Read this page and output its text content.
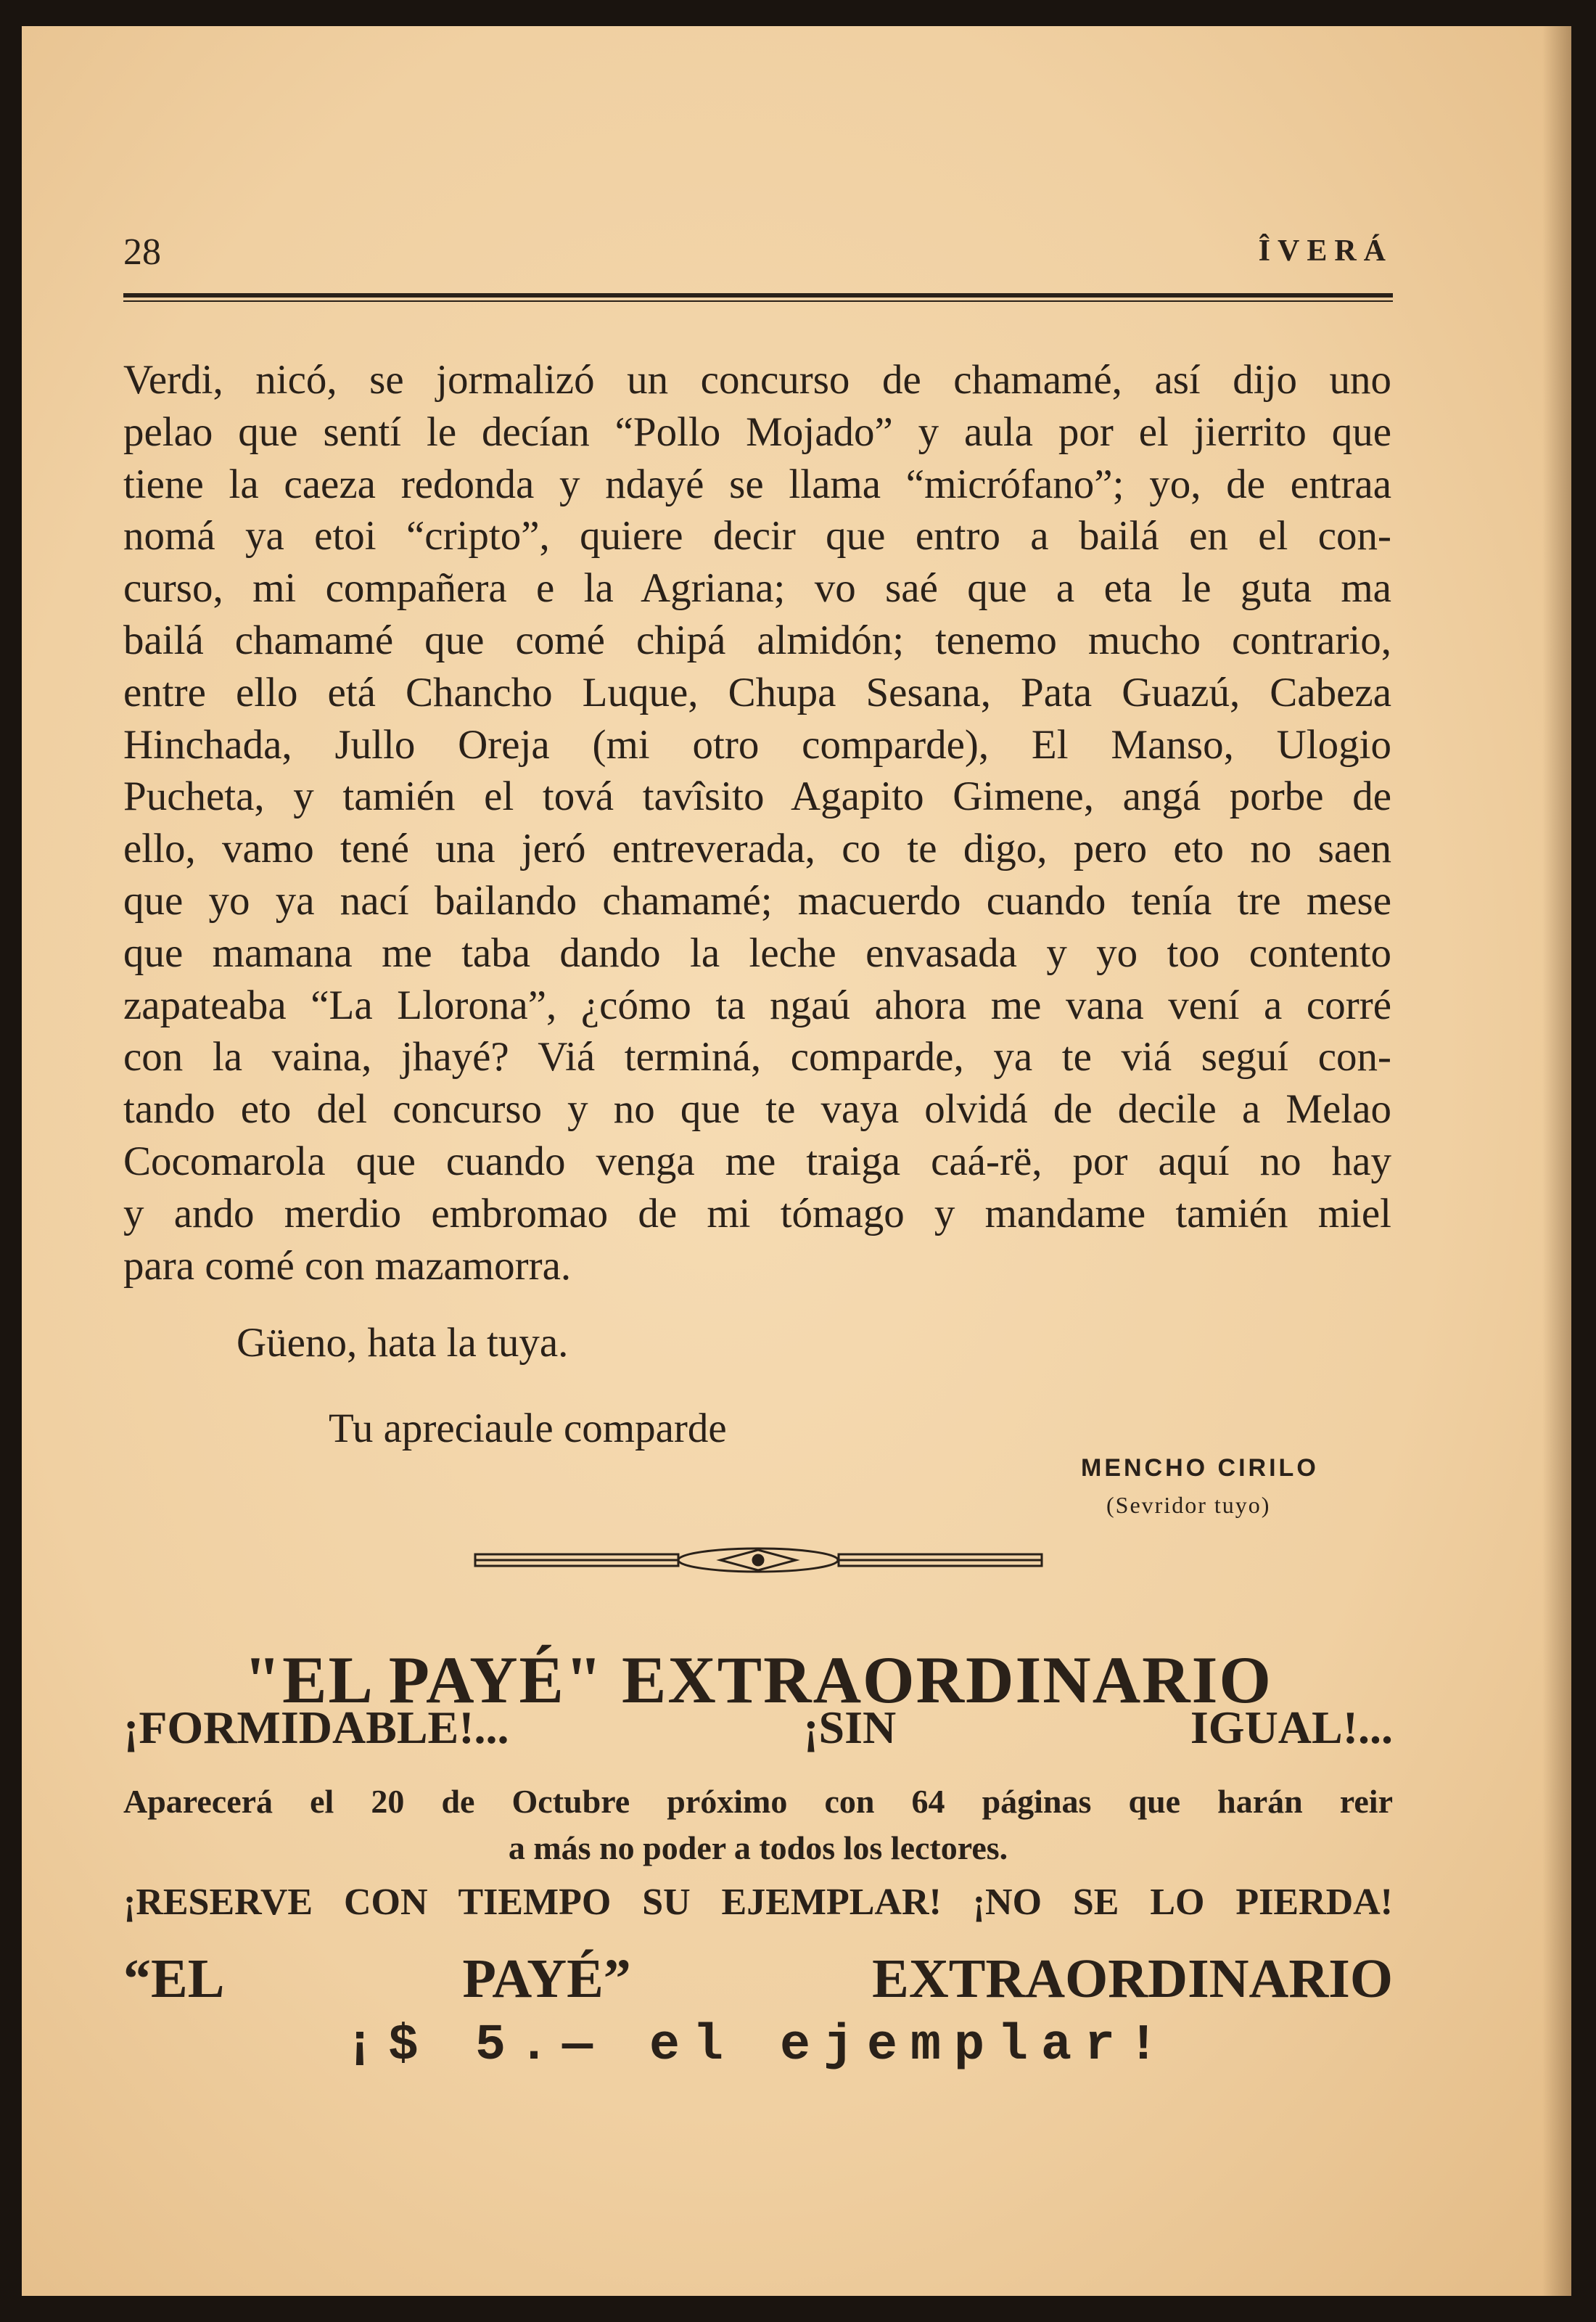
28	ÎVERÁ
Verdi, nicó, se jormalizó un concurso de chamamé, así dijo uno
pelao que sentí le decían “Pollo Mojado” y aula por el jierrito que
tiene la caeza redonda y ndayé se llama “micrófano”; yo, de entraa
nomá ya etoi “cripto”, quiere decir que entro a bailá en el con-
curso, mi compañera e la Agriana; vo saé que a eta le guta ma
bailá chamamé que comé chipá almidón; tenemo mucho contrario,
entre ello etá Chancho Luque, Chupa Sesana, Pata Guazú, Cabeza
Hinchada, Jullo Oreja (mi otro comparde), El Manso, Ulogio
Pucheta, y tamién el tová tavîsito Agapito Gimene, angá porbe de
ello, vamo tené una jeró entreverada, co te digo, pero eto no saen
que yo ya nací bailando chamamé; macuerdo cuando tenía tre mese
que mamana me taba dando la leche envasada y yo too contento
zapateaba “La Llorona”, ¿cómo ta ngaú ahora me vana vení a corré
con la vaina, jhayé? Viá terminá, comparde, ya te viá seguí con-
tando eto del concurso y no que te vaya olvidá de decile a Melao
Cocomarola que cuando venga me traiga caá-rë, por aquí no hay
y ando merdio embromao de mi tómago y mandame tamién miel
para comé con mazamorra.
Güeno, hata la tuya.
Tu apreciaule comparde
MENCHO CIRILO
(Sevridor tuyo)
"EL PAYÉ" EXTRAORDINARIO
¡FORMIDABLE!... ¡SIN IGUAL!...
Aparecerá el 20 de Octubre próximo con 64 páginas que harán reir
a más no poder a todos los lectores.
¡RESERVE CON TIEMPO SU EJEMPLAR! ¡NO SE LO PIERDA!
“EL PAYÉ” EXTRAORDINARIO
¡$ 5.— el ejemplar!
